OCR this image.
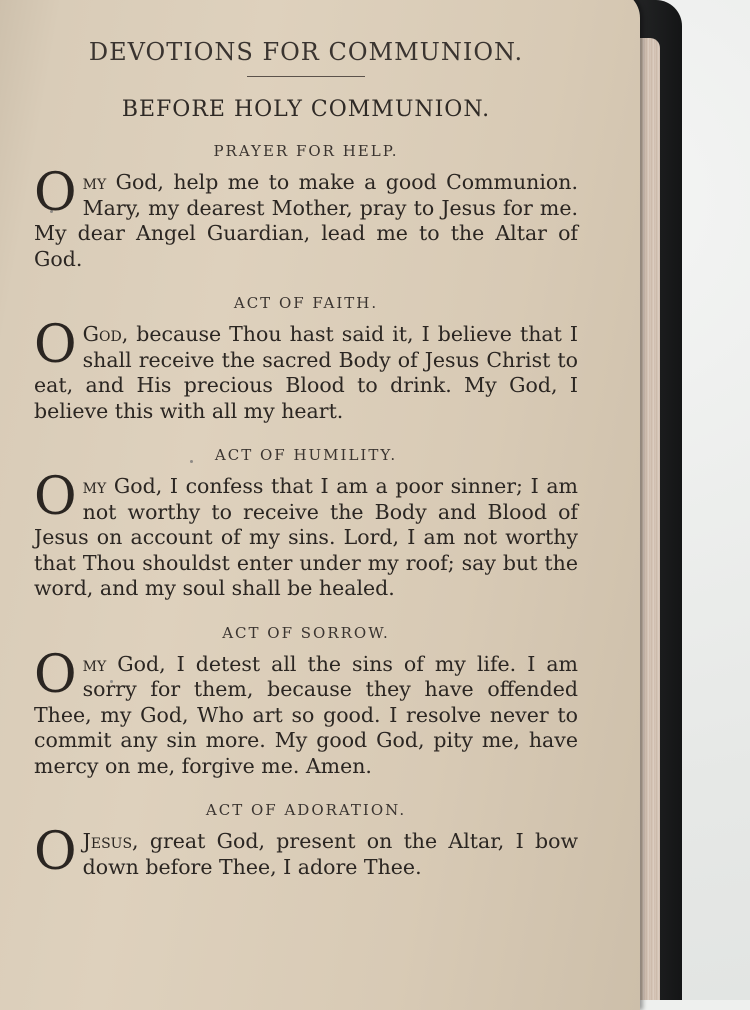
DEVOTIONS FOR COMMUNION.
BEFORE HOLY COMMUNION.
PRAYER FOR HELP.

Omy God, help me to make a good Communion. Mary, my dearest Mother, pray to Jesus for me. My dear Angel Guardian, lead me to the Altar of God.

ACT OF FAITH.

O God, because Thou hast said it, I believe that I shall receive the sacred Body of Jesus Christ to eat, and His precious Blood to drink. My God, I believe this with all my heart.

ACT OF HUMILITY.

Omy God, I confess that I am a poor sinner; I am not worthy to receive the Body and Blood of Jesus on account of my sins. Lord, I am not worthy that Thou shouldst enter under my roof; say but the word, and my soul shall be healed.

ACT OF SORROW.

Omy God, I detest all the sins of my life. I am sorry for them, because they have offended Thee, my God, Who art so good. I resolve never to commit any sin more. My good God, pity me, have mercy on me, forgive me. Amen.

ACT OF ADORATION.

O Jesus, great God, present on the Altar, I bow down before Thee, I adore Thee.
